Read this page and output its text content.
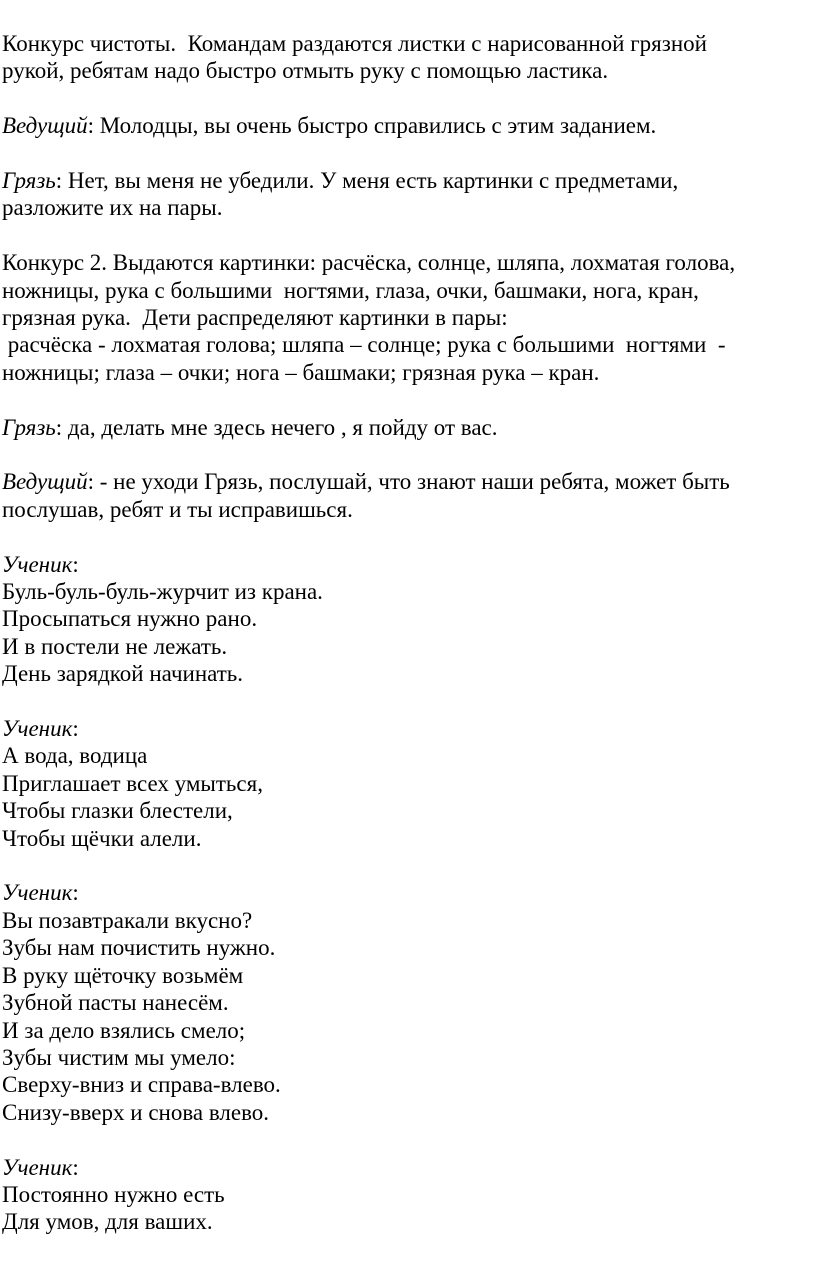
Конкурс чистоты.  Командам раздаются листки с нарисованной грязной
рукой, ребятам надо быстро отмыть руку с помощью ластика.
Ведущий: Молодцы, вы очень быстро справились с этим заданием.
Грязь: Нет, вы меня не убедили. У меня есть картинки с предметами,
разложите их на пары.
Конкурс 2. Выдаются картинки: расчёска, солнце, шляпа, лохматая голова,
ножницы, рука с большими  ногтями, глаза, очки, башмаки, нога, кран,
грязная рука.  Дети распределяют картинки в пары:
расчёска - лохматая голова; шляпа – солнце; рука с большими  ногтями  -
ножницы; глаза – очки; нога – башмаки; грязная рука – кран.
Грязь: да, делать мне здесь нечего , я пойду от вас.
Ведущий: - не уходи Грязь, послушай, что знают наши ребята, может быть
послушав, ребят и ты исправишься.
Ученик:
Буль-буль-буль-журчит из крана.
Просыпаться нужно рано.
И в постели не лежать.
День зарядкой начинать.
Ученик:
А вода, водица
Приглашает всех умыться,
Чтобы глазки блестели,
Чтобы щёчки алели.
Ученик:
Вы позавтракали вкусно?
Зубы нам почистить нужно.
В руку щёточку возьмём
Зубной пасты нанесём.
И за дело взялись смело;
Зубы чистим мы умело:
Сверху-вниз и справа-влево.
Снизу-вверх и снова влево.
Ученик:
Постоянно нужно есть
Для умов, для ваших.
